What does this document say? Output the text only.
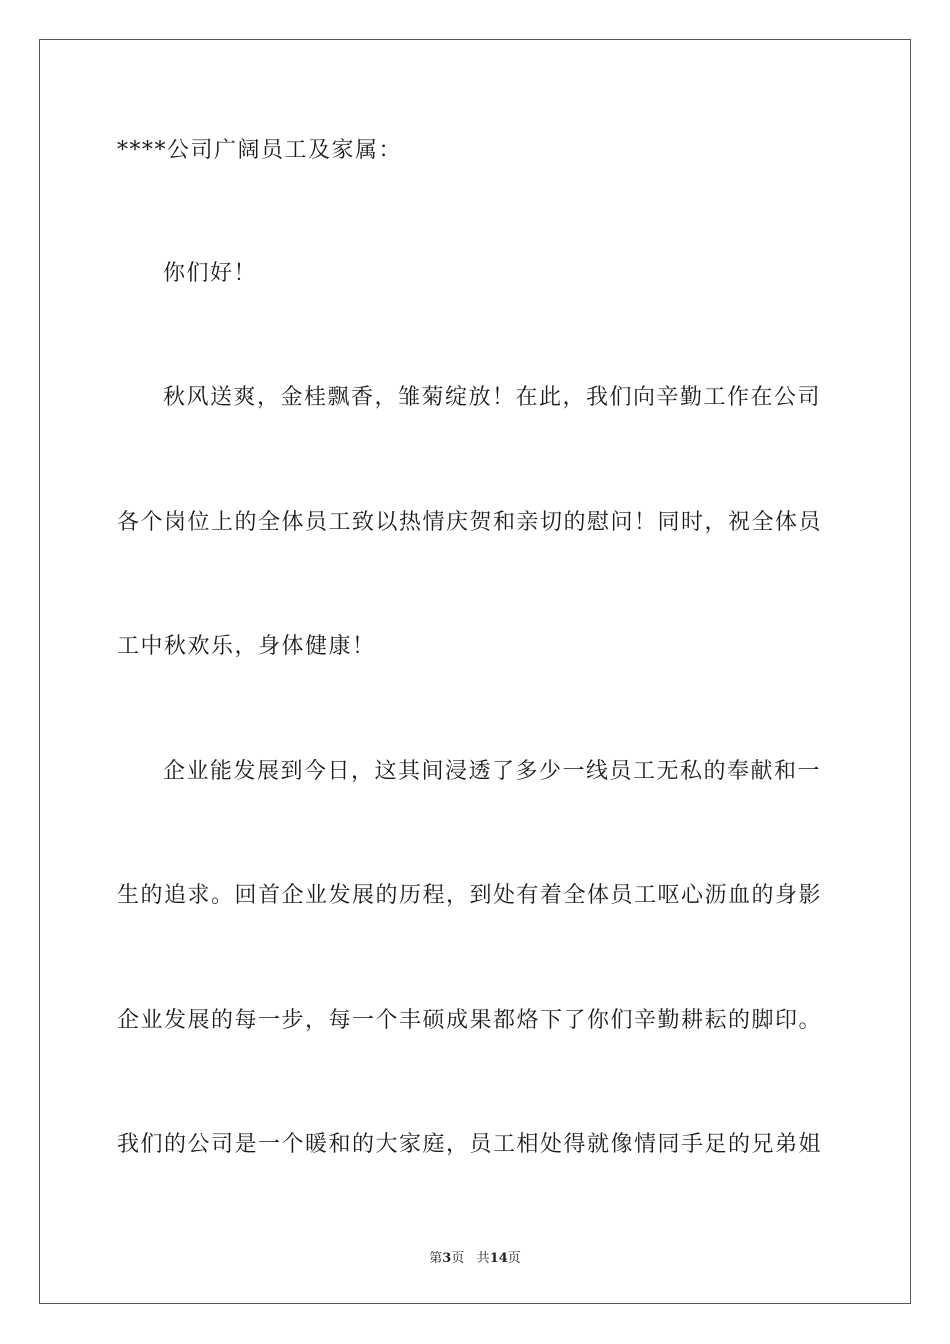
****公司广阔员工及家属：
你们好！
秋风送爽，金桂飘香，雏菊绽放！在此，我们向辛勤工作在公司
各个岗位上的全体员工致以热情庆贺和亲切的慰问！同时，祝全体员
工中秋欢乐，身体健康！
企业能发展到今日，这其间浸透了多少一线员工无私的奉献和一
生的追求。回首企业发展的历程，到处有着全体员工呕心沥血的身影
企业发展的每一步，每一个丰硕成果都烙下了你们辛勤耕耘的脚印。
我们的公司是一个暖和的大家庭，员工相处得就像情同手足的兄弟姐
第3页 共14页
